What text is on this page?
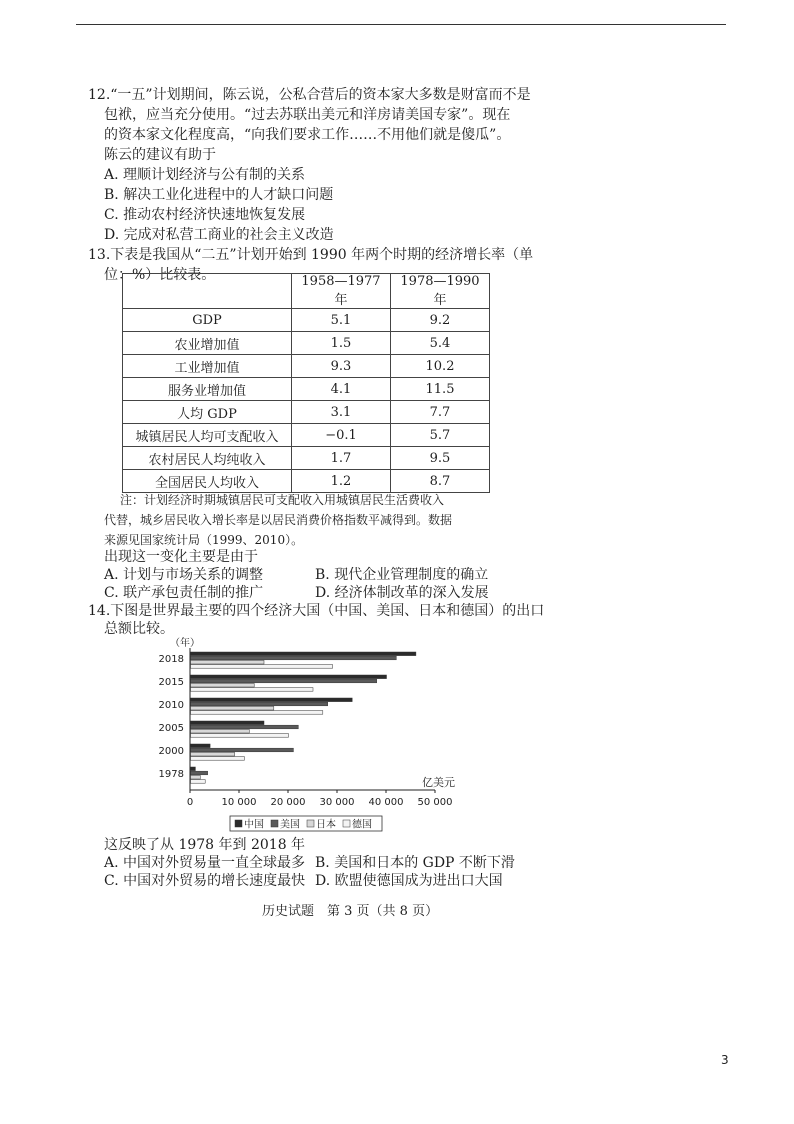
12.“一五”计划期间，陈云说，公私合营后的资本家大多数是财富而不是
包袱，应当充分使用。“过去苏联出美元和洋房请美国专家”。现在
的资本家文化程度高，“向我们要求工作……不用他们就是傻瓜”。
陈云的建议有助于
A. 理顺计划经济与公有制的关系
B. 解决工业化进程中的人才缺口问题
C. 推动农村经济快速地恢复发展
D. 完成对私营工商业的社会主义改造
13.下表是我国从“二五”计划开始到 1990 年两个时期的经济增长率（单
位：%）比较表。
		1958—1977 年	1978—1990 年
GDP	5.1	9.2
农业增加值	1.5	5.4
工业增加值	9.3	10.2
服务业增加值	4.1	11.5
人均 GDP	3.1	7.7
城镇居民人均可支配收入	−0.1	5.7
农村居民人均纯收入	1.7	9.5
全国居民人均收入	1.2	8.7
注：计划经济时期城镇居民可支配收入用城镇居民生活费收入
代替，城乡居民收入增长率是以居民消费价格指数平减得到。数据
来源见国家统计局（1999、2010）。
出现这一变化主要是由于
A. 计划与市场关系的调整	B. 现代企业管理制度的确立
C. 联产承包责任制的推广	D. 经济体制改革的深入发展
14.下图是世界最主要的四个经济大国（中国、美国、日本和德国）的出口
总额比较。
（年）
亿美元
2018
2015
2010
2005
2000
1978
0	10 000 20 000 30 000 40 000 50 000
中国 美国 日本 德国
这反映了从 1978 年到 2018 年
A. 中国对外贸易量一直全球最多 B. 美国和日本的 GDP 不断下滑
C. 中国对外贸易的增长速度最快 D. 欧盟使德国成为进出口大国
历史试题　第 3 页（共 8 页）
3
